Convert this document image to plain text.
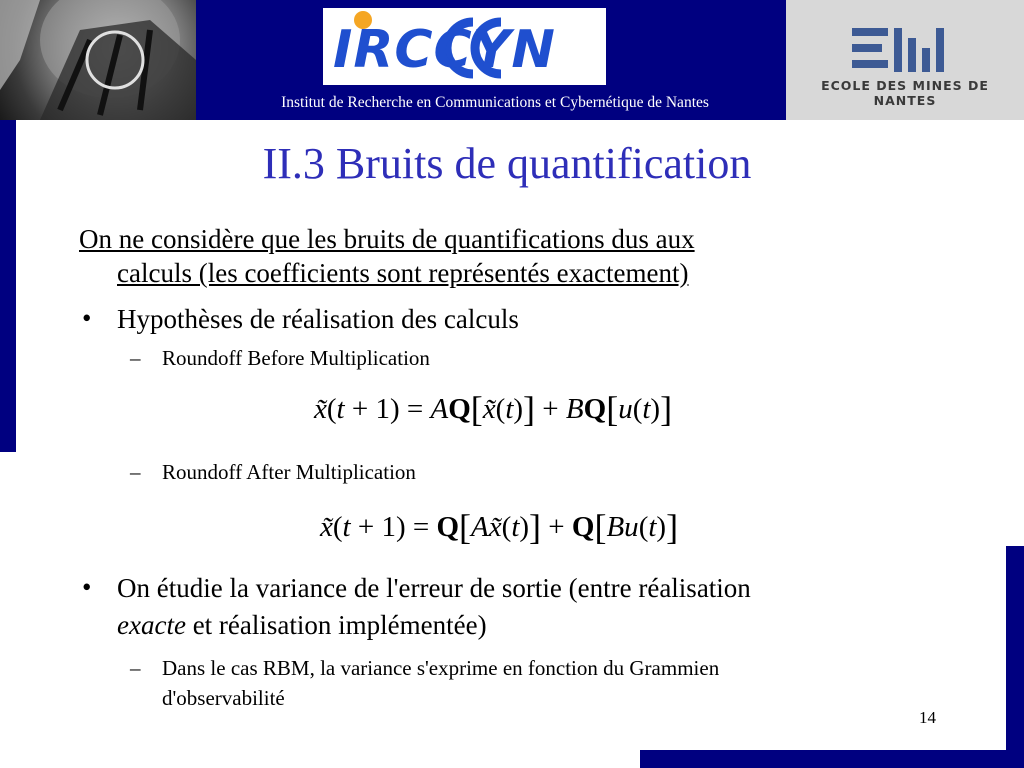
IRCCYN
Institut de Recherche en Communications et Cybernétique de Nantes
ECOLE DES MINES DE NANTES
II.3 Bruits de quantification
On ne considère que les bruits de quantifications dus aux
calculs (les coefficients sont représentés exactement)
• Hypothèses de réalisation des calculs
– Roundoff Before Multiplication
x̃(t + 1) = AQ[x̃(t)] + BQ[u(t)]
– Roundoff After Multiplication
x̃(t + 1) = Q[Ax̃(t)] + Q[Bu(t)]
• On étudie la variance de l'erreur de sortie (entre réalisation
exacte et réalisation implémentée)
– Dans le cas RBM, la variance s'exprime en fonction du Grammien
d'observabilité
14
